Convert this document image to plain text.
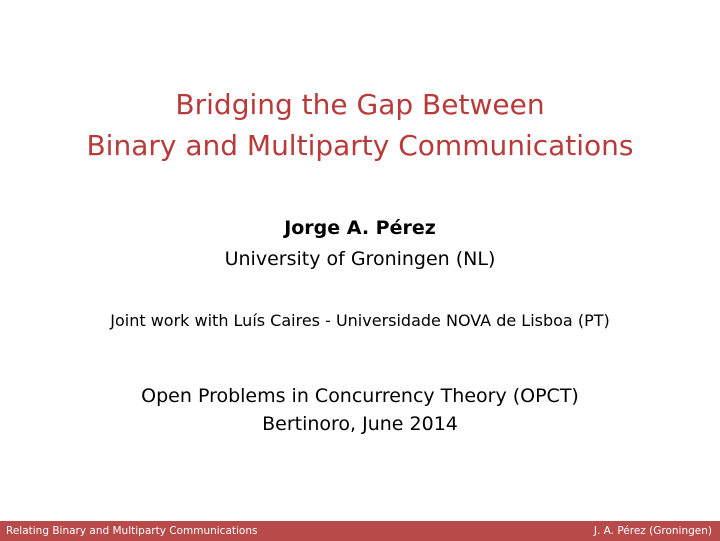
Bridging the Gap Between
Binary and Multiparty Communications
Jorge A. Pérez
University of Groningen (NL)
Joint work with Luís Caires - Universidade NOVA de Lisboa (PT)
Open Problems in Concurrency Theory (OPCT)
Bertinoro, June 2014
Relating Binary and Multiparty Communications	J. A. Pérez (Groningen)
